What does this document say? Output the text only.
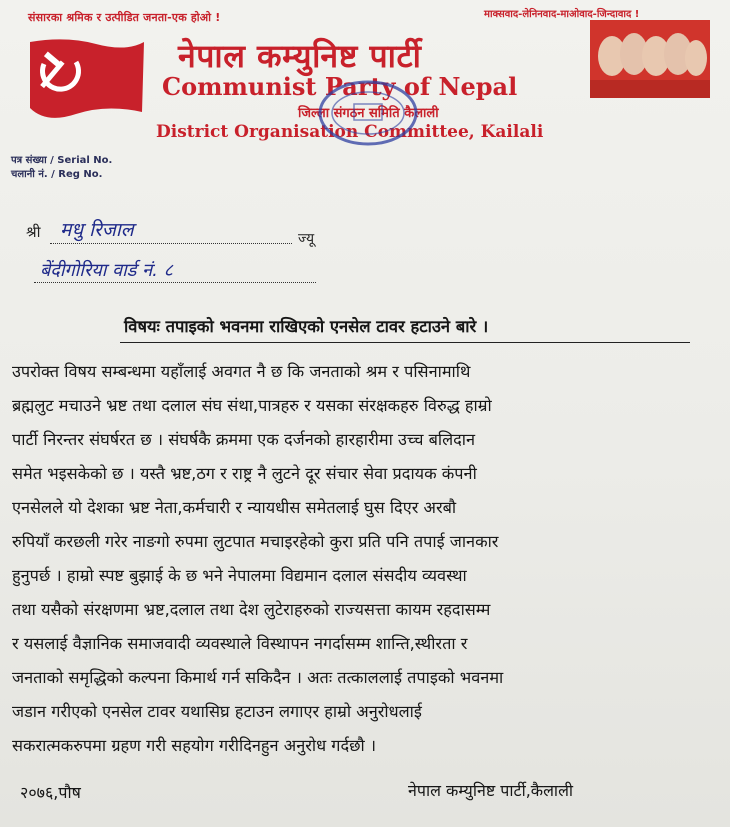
संसारका श्रमिक र उत्पीडित जनता-एक होओ !	माक्सवाद-लेनिनवाद-माओवाद-जिन्दावाद !
नेपाल कम्युनिष्ट पार्टी
Communist Party of Nepal
जिल्ला संगठन समिति कैलाली
District Organisation Committee, Kailali
पत्र संख्या / Serial No.
चलानी नं. / Reg No.
श्री मधु रिजाल	ज्यू
बेंदीगोरिया वार्ड नं. ८
विषयः तपाइको भवनमा राखिएको एनसेल टावर हटाउने बारे ।
उपरोक्त विषय सम्बन्धमा यहाँलाई अवगत नै छ कि जनताको श्रम र पसिनामाथि
ब्रह्मलुट मचाउने भ्रष्ट तथा दलाल संघ संथा,पात्रहरु र यसका संरक्षकहरु विरुद्ध हाम्रो
पार्टी निरन्तर संघर्षरत छ । संघर्षकै क्रममा एक दर्जनको हारहारीमा उच्च बलिदान
समेत भइसकेको छ । यस्तै भ्रष्ट,ठग र राष्ट्र नै लुटने दूर संचार सेवा प्रदायक कंपनी
एनसेलले यो देशका भ्रष्ट नेता,कर्मचारी र न्यायधीस समेतलाई घुस दिएर अरबौ
रुपियाँ करछली गरेर नाङगो रुपमा लुटपात मचाइरहेको कुरा प्रति पनि तपाई जानकार
हुनुपर्छ । हाम्रो स्पष्ट बुझाई के छ भने नेपालमा विद्यमान दलाल संसदीय व्यवस्था
तथा यसैको संरक्षणमा भ्रष्ट,दलाल तथा देश लुटेराहरुको राज्यसत्ता कायम रहदासम्म
र यसलाई वैज्ञानिक समाजवादी व्यवस्थाले विस्थापन नगर्दासम्म शान्ति,स्थीरता र
जनताको समृद्धिको कल्पना किमार्थ गर्न सकिदैन । अतः तत्काललाई तपाइको भवनमा
जडान गरीएको एनसेल टावर यथासिघ्र हटाउन लगाएर हाम्रो अनुरोधलाई
सकरात्मकरुपमा ग्रहण गरी सहयोग गरीदिनहुन अनुरोध गर्दछौ ।
२०७६,पौष	नेपाल कम्युनिष्ट पार्टी,कैलाली
